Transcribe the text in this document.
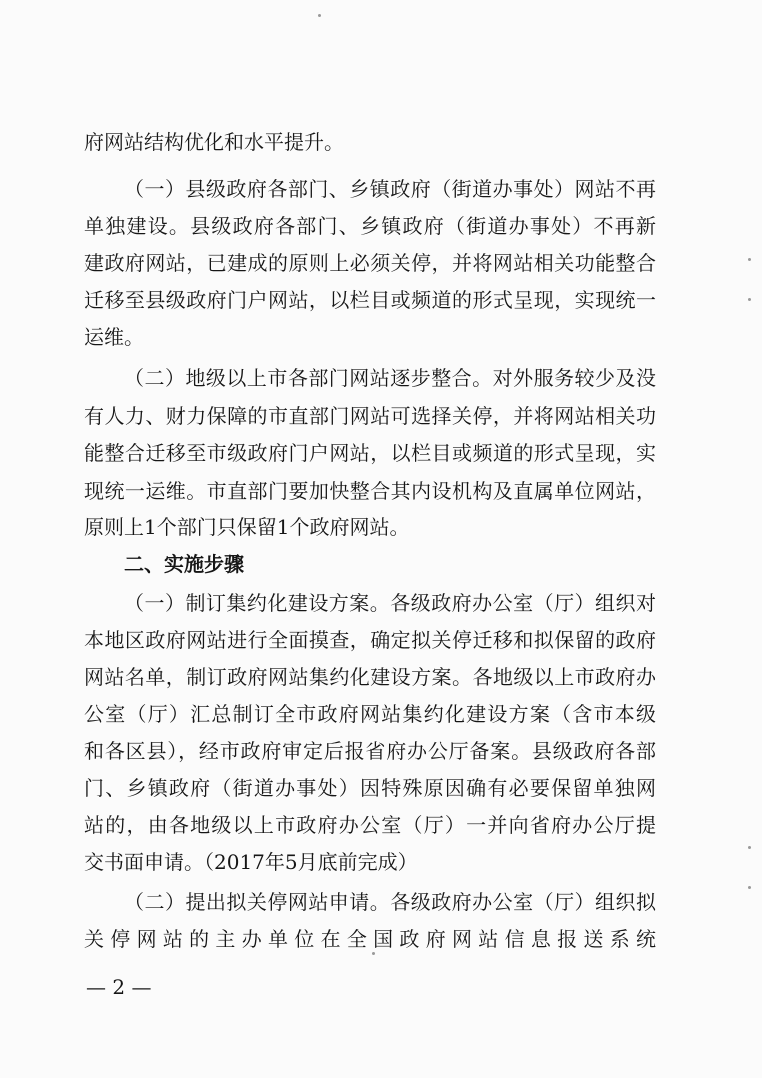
府网站结构优化和水平提升。
（一）县级政府各部门、乡镇政府（街道办事处）网站不再
单独建设。县级政府各部门、乡镇政府（街道办事处）不再新
建政府网站，已建成的原则上必须关停，并将网站相关功能整合
迁移至县级政府门户网站，以栏目或频道的形式呈现，实现统一
运维。
（二）地级以上市各部门网站逐步整合。对外服务较少及没
有人力、财力保障的市直部门网站可选择关停，并将网站相关功
能整合迁移至市级政府门户网站，以栏目或频道的形式呈现，实
现统一运维。市直部门要加快整合其内设机构及直属单位网站，
原则上1个部门只保留1个政府网站。
二、实施步骤
（一）制订集约化建设方案。各级政府办公室（厅）组织对
本地区政府网站进行全面摸查，确定拟关停迁移和拟保留的政府
网站名单，制订政府网站集约化建设方案。各地级以上市政府办
公室（厅）汇总制订全市政府网站集约化建设方案（含市本级
和各区县），经市政府审定后报省府办公厅备案。县级政府各部
门、乡镇政府（街道办事处）因特殊原因确有必要保留单独网
站的，由各地级以上市政府办公室（厅）一并向省府办公厅提
交书面申请。（2017年5月底前完成）
（二）提出拟关停网站申请。各级政府办公室（厅）组织拟
关停网站的主办单位在全国政府网站信息报送系统
— 2 —
